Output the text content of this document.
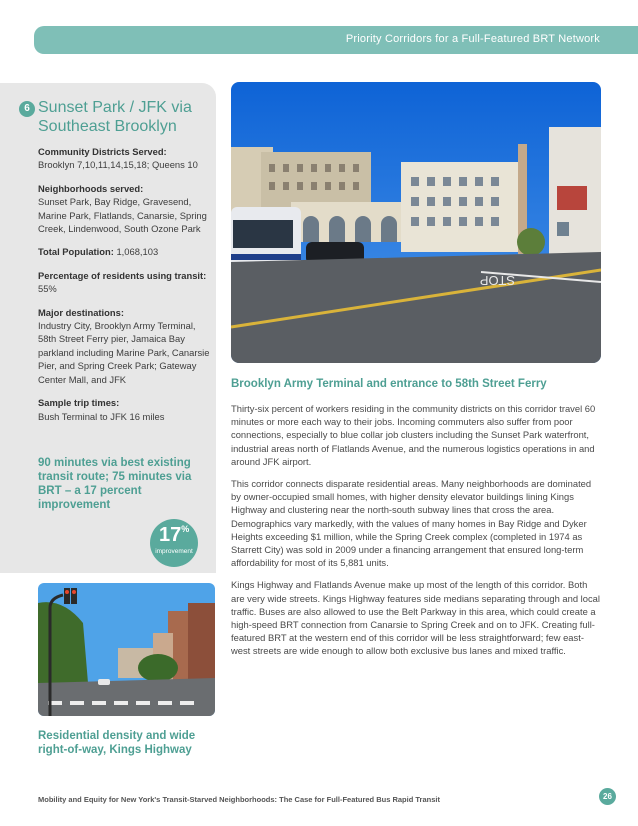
Priority Corridors for a Full-Featured BRT Network
6 Sunset Park / JFK via Southeast Brooklyn
Community Districts Served:
Brooklyn 7,10,11,14,15,18; Queens 10
Neighborhoods served:
Sunset Park, Bay Ridge, Gravesend, Marine Park, Flatlands, Canarsie, Spring Creek, Lindenwood, South Ozone Park
Total Population: 1,068,103
Percentage of residents using transit: 55%
Major destinations:
Industry City, Brooklyn Army Terminal, 58th Street Ferry pier, Jamaica Bay parkland including Marine Park, Canarsie Pier, and Spring Creek Park; Gateway Center Mall, and JFK
Sample trip times:
Bush Terminal to JFK 16 miles
90 minutes via best existing transit route; 75 minutes via BRT – a 17 percent improvement
17%
improvement
STOP
Brooklyn Army Terminal and entrance to 58th Street Ferry

Thirty-six percent of workers residing in the community districts on this corridor travel 60 minutes or more each way to their jobs. Incoming commuters also suffer from poor connections, especially to blue collar job clusters including the Sunset Park waterfront, industrial areas north of Flatlands Avenue, and the numerous logistics operations in and around JFK airport.

This corridor connects disparate residential areas. Many neighborhoods are dominated by owner-occupied small homes, with higher density elevator buildings lining Kings Highway and clustering near the north-south subway lines that cross the area. Demographics vary markedly, with the values of many homes in Bay Ridge and Dyker Heights exceeding $1 million, while the Spring Creek complex (completed in 1974 as Starrett City) was sold in 2009 under a financing arrangement that ensured long-term affordability for most of its 5,881 units.

Kings Highway and Flatlands Avenue make up most of the length of this corridor. Both are very wide streets. Kings Highway features side medians separating through and local traffic. Buses are also allowed to use the Belt Parkway in this area, which could create a high-speed BRT connection from Canarsie to Spring Creek and on to JFK. Creating full-featured BRT at the western end of this corridor will be less straightforward; few east-west streets are wide enough to allow both exclusive bus lanes and mixed traffic.

Residential density and wide right-of-way, Kings Highway
Mobility and Equity for New York's Transit-Starved Neighborhoods: The Case for Full-Featured Bus Rapid Transit	26
